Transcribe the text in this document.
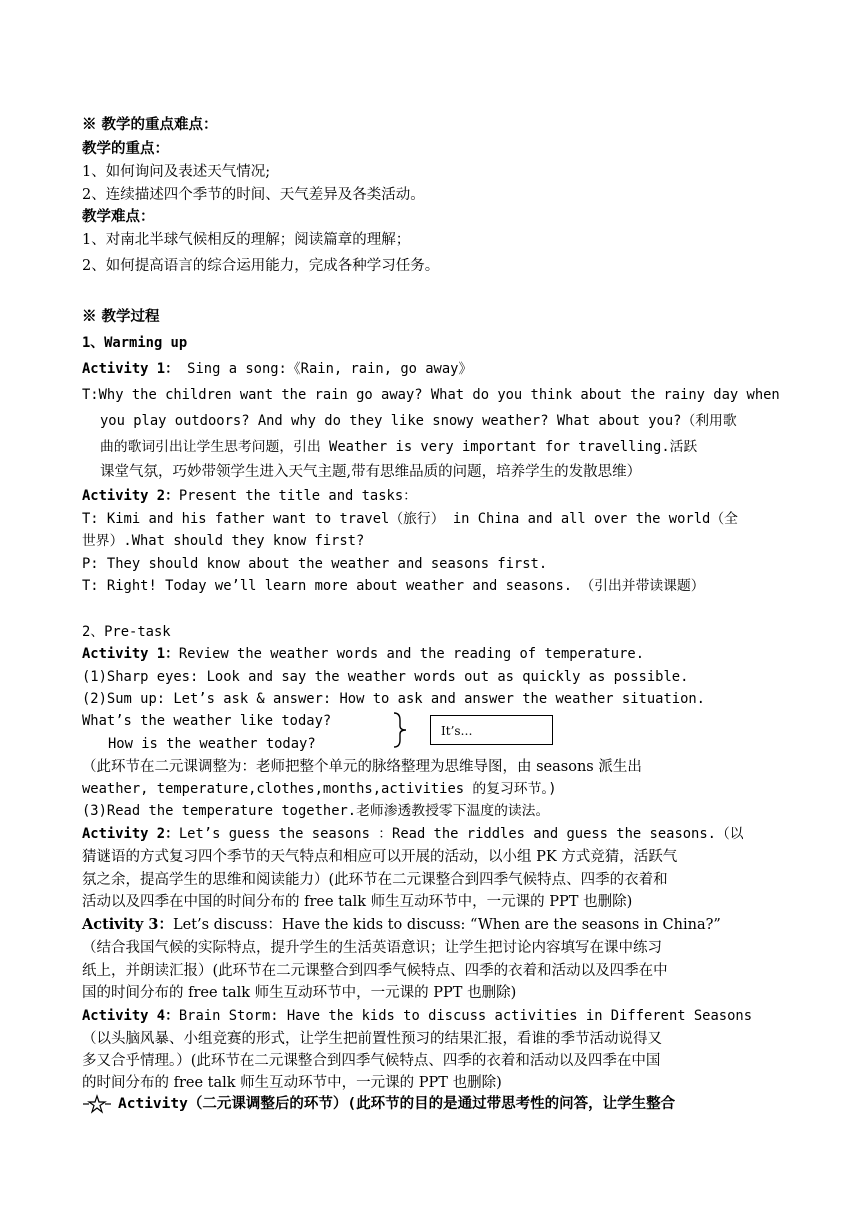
※ 教学的重点难点：
教学的重点：
1、如何询问及表述天气情况;
2、连续描述四个季节的时间、天气差异及各类活动。
教学难点：
1、对南北半球气候相反的理解；阅读篇章的理解；
2、如何提高语言的综合运用能力，完成各种学习任务。
※ 教学过程
1、Warming up
Activity 1： Sing a song:《Rain, rain, go away》
T:Why the children want the rain go away? What do you think about the rainy day when
you play outdoors? And why do they like snowy weather? What about you?（利用歌
曲的歌词引出让学生思考问题，引出 Weather is very important for travelling.活跃
课堂气氛，巧妙带领学生进入天气主题,带有思维品质的问题，培养学生的发散思维）
Activity 2：Present the title and tasks：
T: Kimi and his father want to travel（旅行） in China and all over the world（全
世界）.What should they know first?
P: They should know about the weather and seasons first.
T: Right! Today we’ll learn more about weather and seasons. （引出并带读课题）
2、Pre-task
Activity 1：Review the weather words and the reading of temperature.
(1)Sharp eyes: Look and say the weather words out as quickly as possible.
(2)Sum up: Let’s ask & answer: How to ask and answer the weather situation.
What’s the weather like today?
How is the weather today?
It’s…
（此环节在二元课调整为：老师把整个单元的脉络整理为思维导图，由 seasons 派生出
weather, temperature,clothes,months,activities 的复习环节。)
(3)Read the temperature together.老师渗透教授零下温度的读法。
Activity 2：Let’s guess the seasons ：Read the riddles and guess the seasons.（以
猜谜语的方式复习四个季节的天气特点和相应可以开展的活动，以小组 PK 方式竞猜，活跃气
氛之余，提高学生的思维和阅读能力）(此环节在二元课整合到四季气候特点、四季的衣着和
活动以及四季在中国的时间分布的 free talk 师生互动环节中，一元课的 PPT 也删除)
Activity 3：Let’s discuss：Have the kids to discuss: “When are the seasons in China?”
（结合我国气候的实际特点，提升学生的生活英语意识；让学生把讨论内容填写在课中练习
纸上，并朗读汇报）(此环节在二元课整合到四季气候特点、四季的衣着和活动以及四季在中
国的时间分布的 free talk 师生互动环节中，一元课的 PPT 也删除)
Activity 4：Brain Storm: Have the kids to discuss activities in Different Seasons
（以头脑风暴、小组竞赛的形式，让学生把前置性预习的结果汇报，看谁的季节活动说得又
多又合乎情理。）(此环节在二元课整合到四季气候特点、四季的衣着和活动以及四季在中国
的时间分布的 free talk 师生互动环节中，一元课的 PPT 也删除)
Activity（二元课调整后的环节）(此环节的目的是通过带思考性的问答，让学生整合
